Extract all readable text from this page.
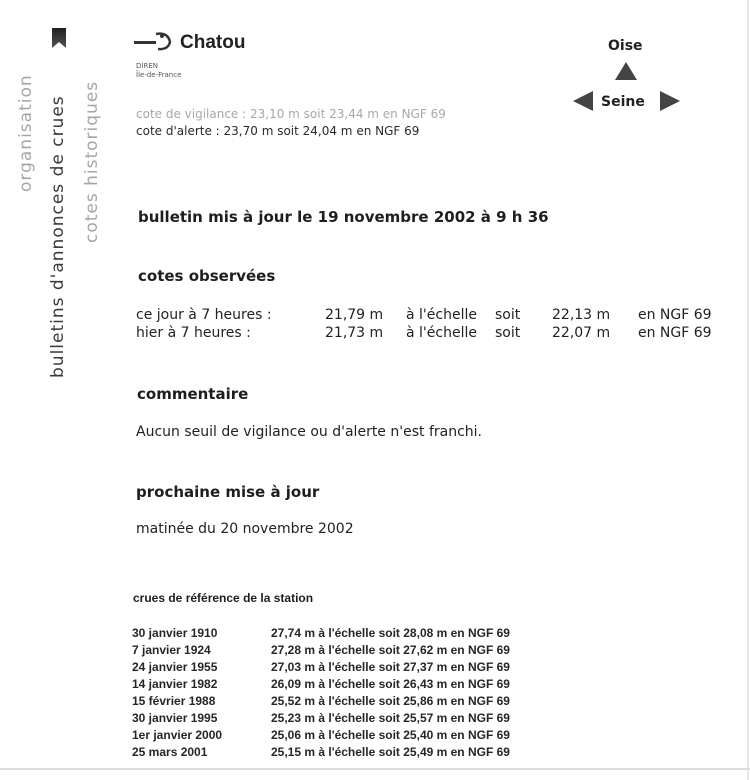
organisation bulletins d'annonces de crues cotes historiques
Chatou
DIREN
Île-de-France
Oise
Seine
cote de vigilance : 23,10 m soit 23,44 m en NGF 69
cote d'alerte : 23,70 m soit 24,04 m en NGF 69
bulletin mis à jour le 19 novembre 2002 à 9 h 36
cotes observées
ce jour à 7 heures :	21,79 m à l'échelle soit 22,13 m en NGF 69
hier à 7 heures :	21,73 m à l'échelle soit 22,07 m en NGF 69
commentaire
Aucun seuil de vigilance ou d'alerte n'est franchi.
prochaine mise à jour
matinée du 20 novembre 2002
crues de référence de la station
30 janvier 1910	27,74 m à l'échelle soit 28,08 m en NGF 69
7 janvier 1924	27,28 m à l'échelle soit 27,62 m en NGF 69
24 janvier 1955	27,03 m à l'échelle soit 27,37 m en NGF 69
14 janvier 1982	26,09 m à l'échelle soit 26,43 m en NGF 69
15 février 1988	25,52 m à l'échelle soit 25,86 m en NGF 69
30 janvier 1995	25,23 m à l'échelle soit 25,57 m en NGF 69
1er janvier 2000	25,06 m à l'échelle soit 25,40 m en NGF 69
25 mars 2001	25,15 m à l'échelle soit 25,49 m en NGF 69
